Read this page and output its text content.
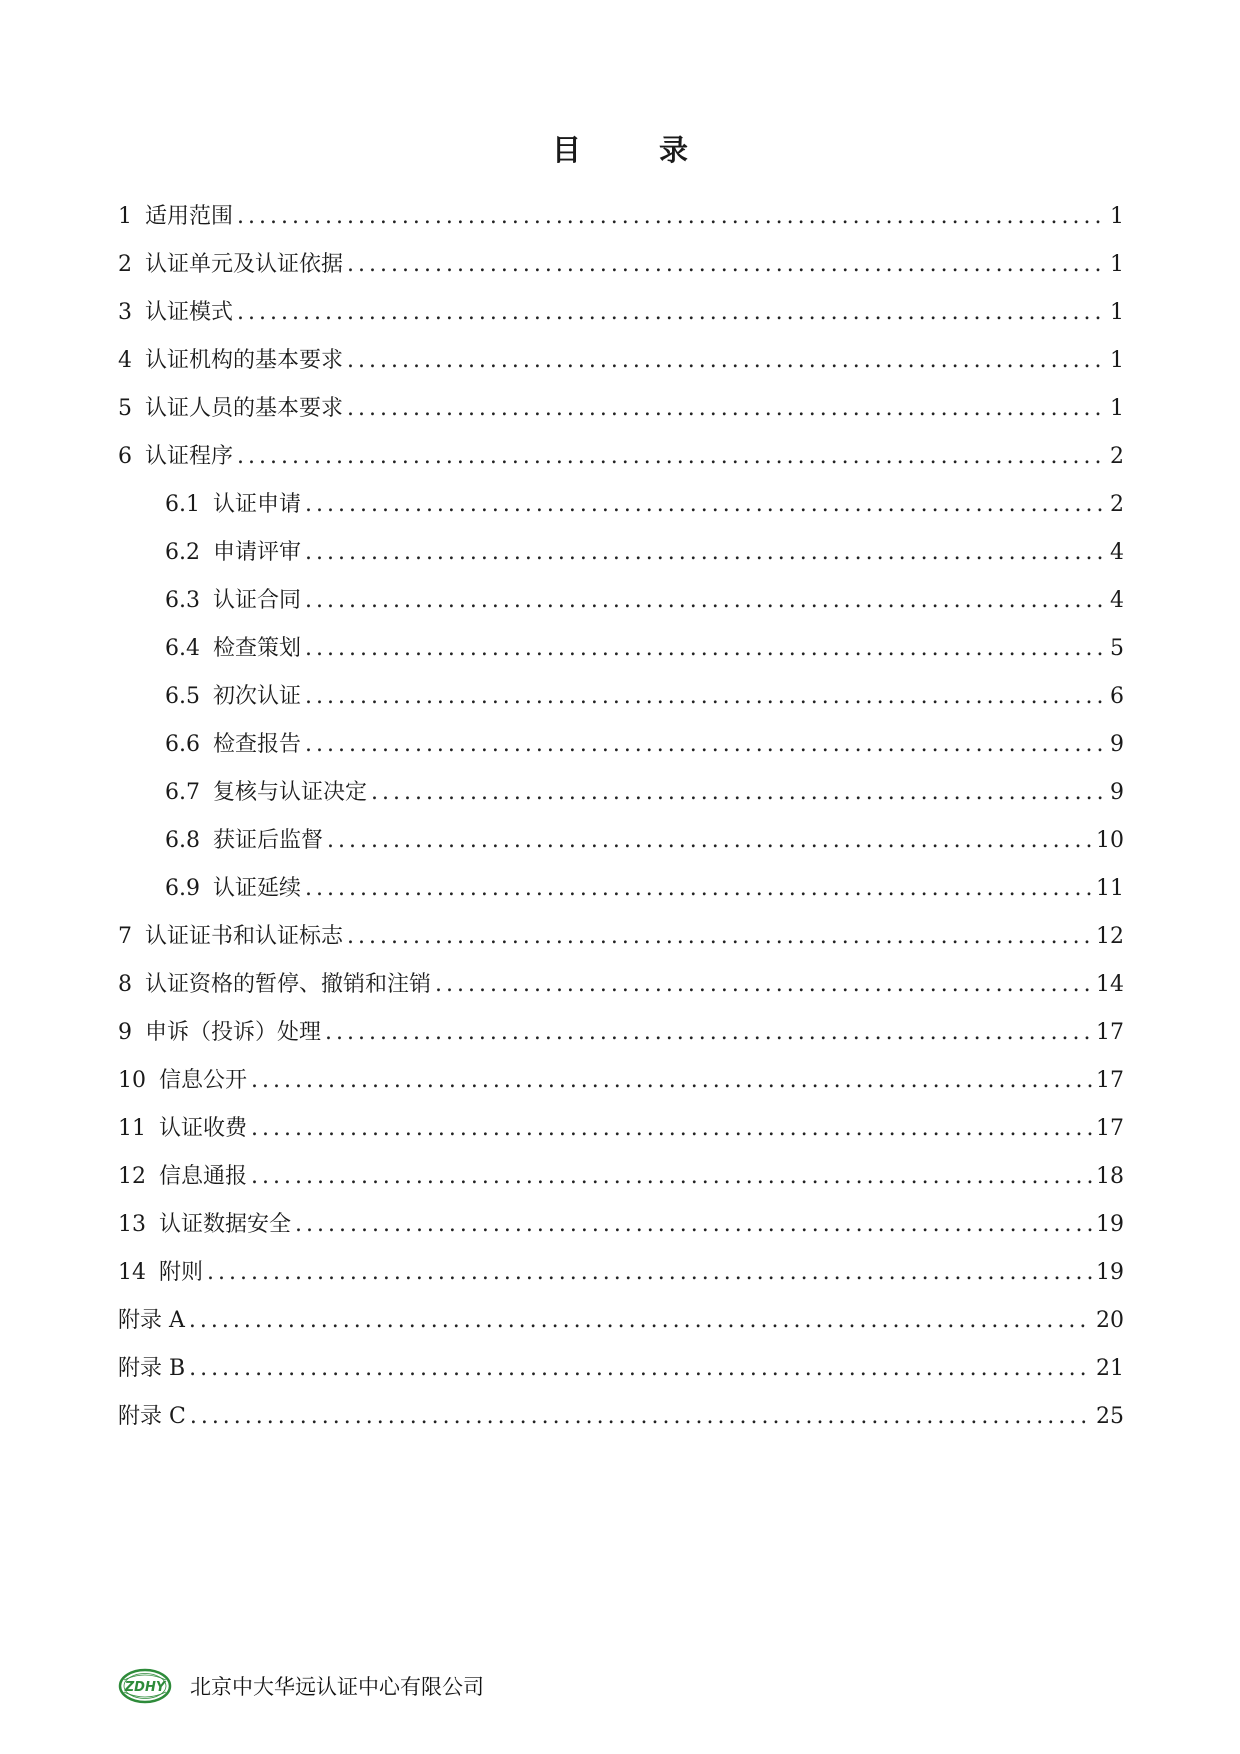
目 录
1 适用范围 .....	1
2 认证单元及认证依据 .....	1
3 认证模式 .....	1
4 认证机构的基本要求 .....	1
5 认证人员的基本要求 .....	1
6 认证程序 .....	2
6.1 认证申请 .....	2
6.2 申请评审 .....	4
6.3 认证合同 .....	4
6.4 检查策划 .....	5
6.5 初次认证 .....	6
6.6 检查报告 .....	9
6.7 复核与认证决定 .....	9
6.8 获证后监督 .....	10
6.9 认证延续 .....	11
7 认证证书和认证标志 .....	12
8 认证资格的暂停、撤销和注销 .....	14
9 申诉（投诉）处理 .....	17
10 信息公开 .....	17
11 认证收费 .....	17
12 信息通报 .....	18
13 认证数据安全 .....	19
14 附则 .....	19
附录 A .....	20
附录 B .....	21
附录 C .....	25
ZDHY 北京中大华远认证中心有限公司
